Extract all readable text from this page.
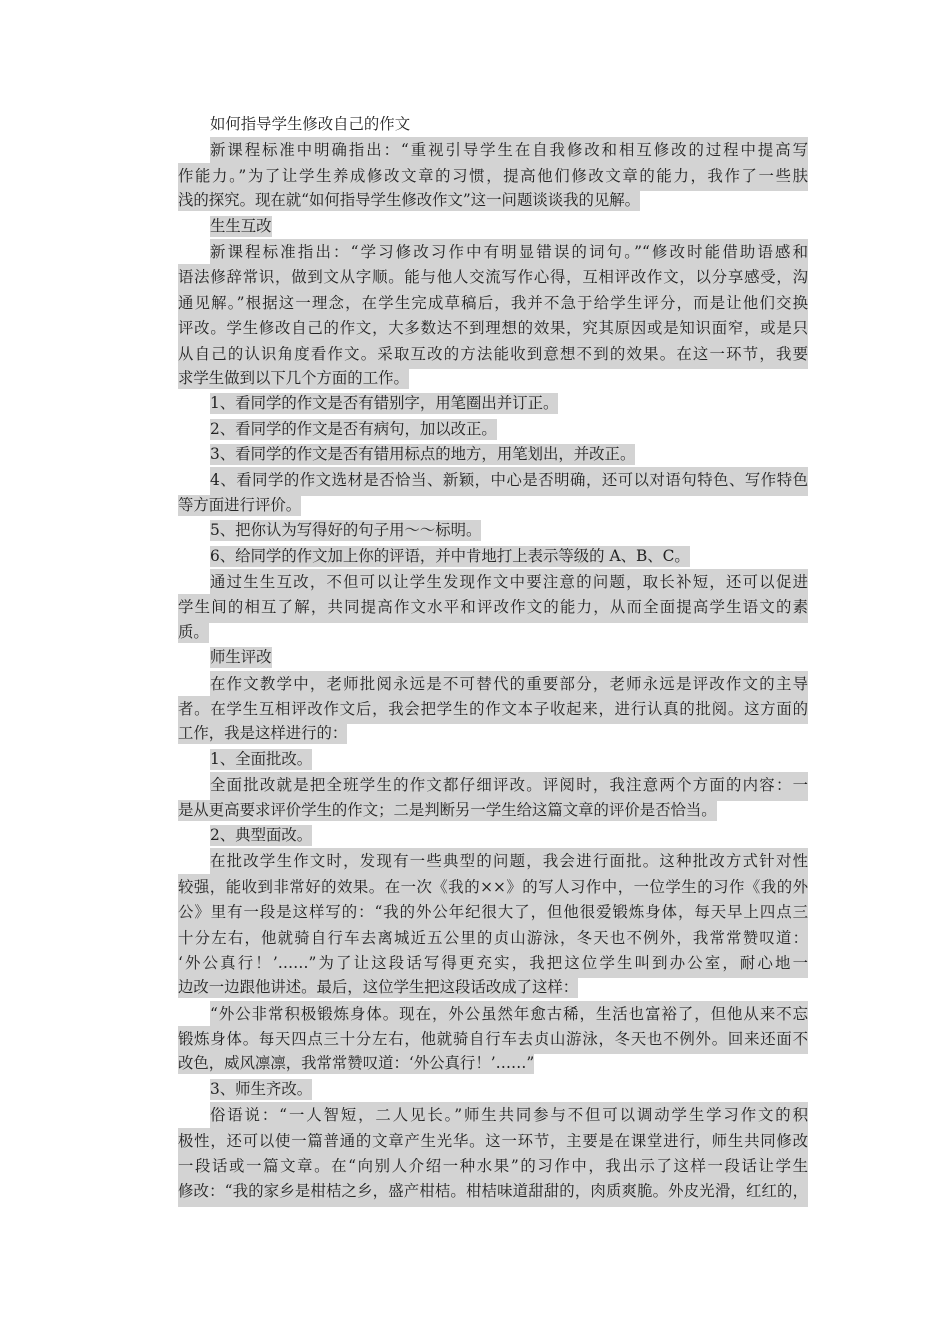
如何指导学生修改自己的作文
新课程标准中明确指出：“重视引导学生在自我修改和相互修改的过程中提高写
作能力。”为了让学生养成修改文章的习惯，提高他们修改文章的能力，我作了一些肤
浅的探究。现在就“如何指导学生修改作文”这一问题谈谈我的见解。
生生互改
新课程标准指出：“学习修改习作中有明显错误的词句。”“修改时能借助语感和
语法修辞常识，做到文从字顺。能与他人交流写作心得，互相评改作文，以分享感受，沟
通见解。”根据这一理念，在学生完成草稿后，我并不急于给学生评分，而是让他们交换
评改。学生修改自己的作文，大多数达不到理想的效果，究其原因或是知识面窄，或是只
从自己的认识角度看作文。采取互改的方法能收到意想不到的效果。在这一环节，我要
求学生做到以下几个方面的工作。
1、看同学的作文是否有错别字，用笔圈出并订正。
2、看同学的作文是否有病句，加以改正。
3、看同学的作文是否有错用标点的地方，用笔划出，并改正。
4、看同学的作文选材是否恰当、新颖，中心是否明确，还可以对语句特色、写作特色
等方面进行评价。
5、把你认为写得好的句子用～～标明。
6、给同学的作文加上你的评语，并中肯地打上表示等级的 A、B、C。
通过生生互改，不但可以让学生发现作文中要注意的问题，取长补短，还可以促进
学生间的相互了解，共同提高作文水平和评改作文的能力，从而全面提高学生语文的素
质。
师生评改
在作文教学中，老师批阅永远是不可替代的重要部分，老师永远是评改作文的主导
者。在学生互相评改作文后，我会把学生的作文本子收起来，进行认真的批阅。这方面的
工作，我是这样进行的：
1、全面批改。
全面批改就是把全班学生的作文都仔细评改。评阅时，我注意两个方面的内容：一
是从更高要求评价学生的作文；二是判断另一学生给这篇文章的评价是否恰当。
2、典型面改。
在批改学生作文时，发现有一些典型的问题，我会进行面批。这种批改方式针对性
较强，能收到非常好的效果。在一次《我的××》的写人习作中，一位学生的习作《我的外
公》里有一段是这样写的：“我的外公年纪很大了，但他很爱锻炼身体，每天早上四点三
十分左右，他就骑自行车去离城近五公里的贞山游泳，冬天也不例外，我常常赞叹道：
‘外公真行！’……”为了让这段话写得更充实，我把这位学生叫到办公室，耐心地一
边改一边跟他讲述。最后，这位学生把这段话改成了这样：
“外公非常积极锻炼身体。现在，外公虽然年愈古稀，生活也富裕了，但他从来不忘
锻炼身体。每天四点三十分左右，他就骑自行车去贞山游泳，冬天也不例外。回来还面不
改色，威风凛凛，我常常赞叹道：‘外公真行！’……”
3、师生齐改。
俗语说：“一人智短，二人见长。”师生共同参与不但可以调动学生学习作文的积
极性，还可以使一篇普通的文章产生光华。这一环节，主要是在课堂进行，师生共同修改
一段话或一篇文章。在“向别人介绍一种水果”的习作中，我出示了这样一段话让学生
修改：“我的家乡是柑桔之乡，盛产柑桔。柑桔味道甜甜的，肉质爽脆。外皮光滑，红红的，
